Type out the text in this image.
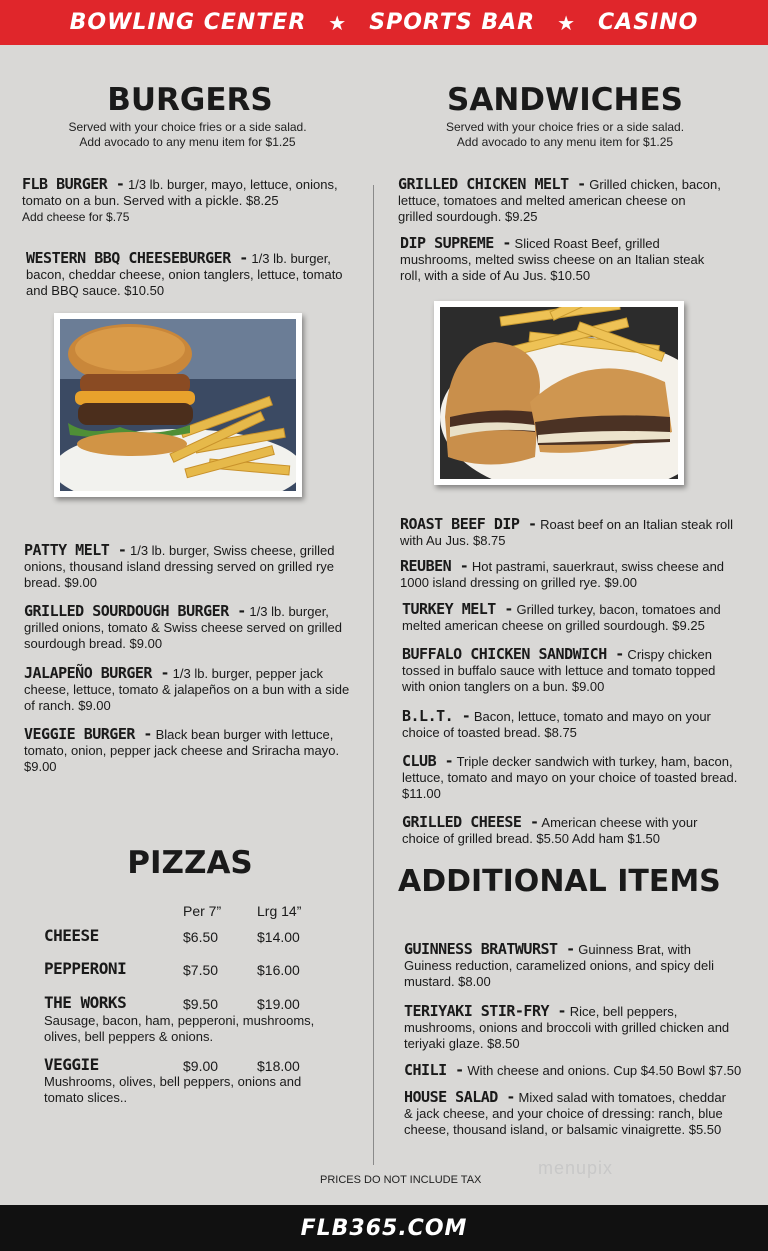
BOWLING CENTER ★ SPORTS BAR ★ CASINO
BURGERS
Served with your choice fries or a side salad.
Add avocado to any menu item for $1.25
FLB BURGER - 1/3 lb. burger, mayo, lettuce, onions, tomato on a bun. Served with a pickle. $8.25
Add cheese for $.75
WESTERN BBQ CHEESEBURGER - 1/3 lb. burger, bacon, cheddar cheese, onion tanglers, lettuce, tomato and BBQ sauce. $10.50
PATTY MELT - 1/3 lb. burger, Swiss cheese, grilled onions, thousand island dressing served on grilled rye bread. $9.00
GRILLED SOURDOUGH BURGER - 1/3 lb. burger, grilled onions, tomato & Swiss cheese served on grilled sourdough bread. $9.00
JALAPEÑO BURGER - 1/3 lb. burger, pepper jack cheese, lettuce, tomato & jalapeños on a bun with a side of ranch. $9.00
VEGGIE BURGER - Black bean burger with lettuce, tomato, onion, pepper jack cheese and Sriracha mayo. $9.00
SANDWICHES
Served with your choice fries or a side salad.
Add avocado to any menu item for $1.25
GRILLED CHICKEN MELT - Grilled chicken, bacon, lettuce, tomatoes and melted american cheese on grilled sourdough. $9.25
DIP SUPREME - Sliced Roast Beef, grilled mushrooms, melted swiss cheese on an Italian steak roll, with a side of Au Jus. $10.50
ROAST BEEF DIP - Roast beef on an Italian steak roll with Au Jus. $8.75
REUBEN - Hot pastrami, sauerkraut, swiss cheese and 1000 island dressing on grilled rye. $9.00
TURKEY MELT - Grilled turkey, bacon, tomatoes and melted american cheese on grilled sourdough. $9.25
BUFFALO CHICKEN SANDWICH - Crispy chicken tossed in buffalo sauce with lettuce and tomato topped with onion tanglers on a bun. $9.00
B.L.T. - Bacon, lettuce, tomato and mayo on your choice of toasted bread. $8.75
CLUB - Triple decker sandwich with turkey, ham, bacon, lettuce, tomato and mayo on your choice of toasted bread. $11.00
GRILLED CHEESE - American cheese with your choice of grilled bread. $5.50 Add ham $1.50
PIZZAS
Per 7”	Lrg 14”
CHEESE	$6.50	$14.00
PEPPERONI	$7.50	$16.00
THE WORKS	$9.50	$19.00
Sausage, bacon, ham, pepperoni, mushrooms, olives, bell peppers & onions.
VEGGIE	$9.00	$18.00
Mushrooms, olives, bell peppers, onions and tomato slices..
ADDITIONAL ITEMS
GUINNESS BRATWURST - Guinness Brat, with Guiness reduction, caramelized onions, and spicy deli mustard. $8.00
TERIYAKI STIR-FRY - Rice, bell peppers, mushrooms, onions and broccoli with grilled chicken and teriyaki glaze. $8.50
CHILI - With cheese and onions. Cup $4.50 Bowl $7.50
HOUSE SALAD - Mixed salad with tomatoes, cheddar & jack cheese, and your choice of dressing: ranch, blue cheese, thousand island, or balsamic vinaigrette. $5.50
PRICES DO NOT INCLUDE TAX
menupix
FLB365.COM
